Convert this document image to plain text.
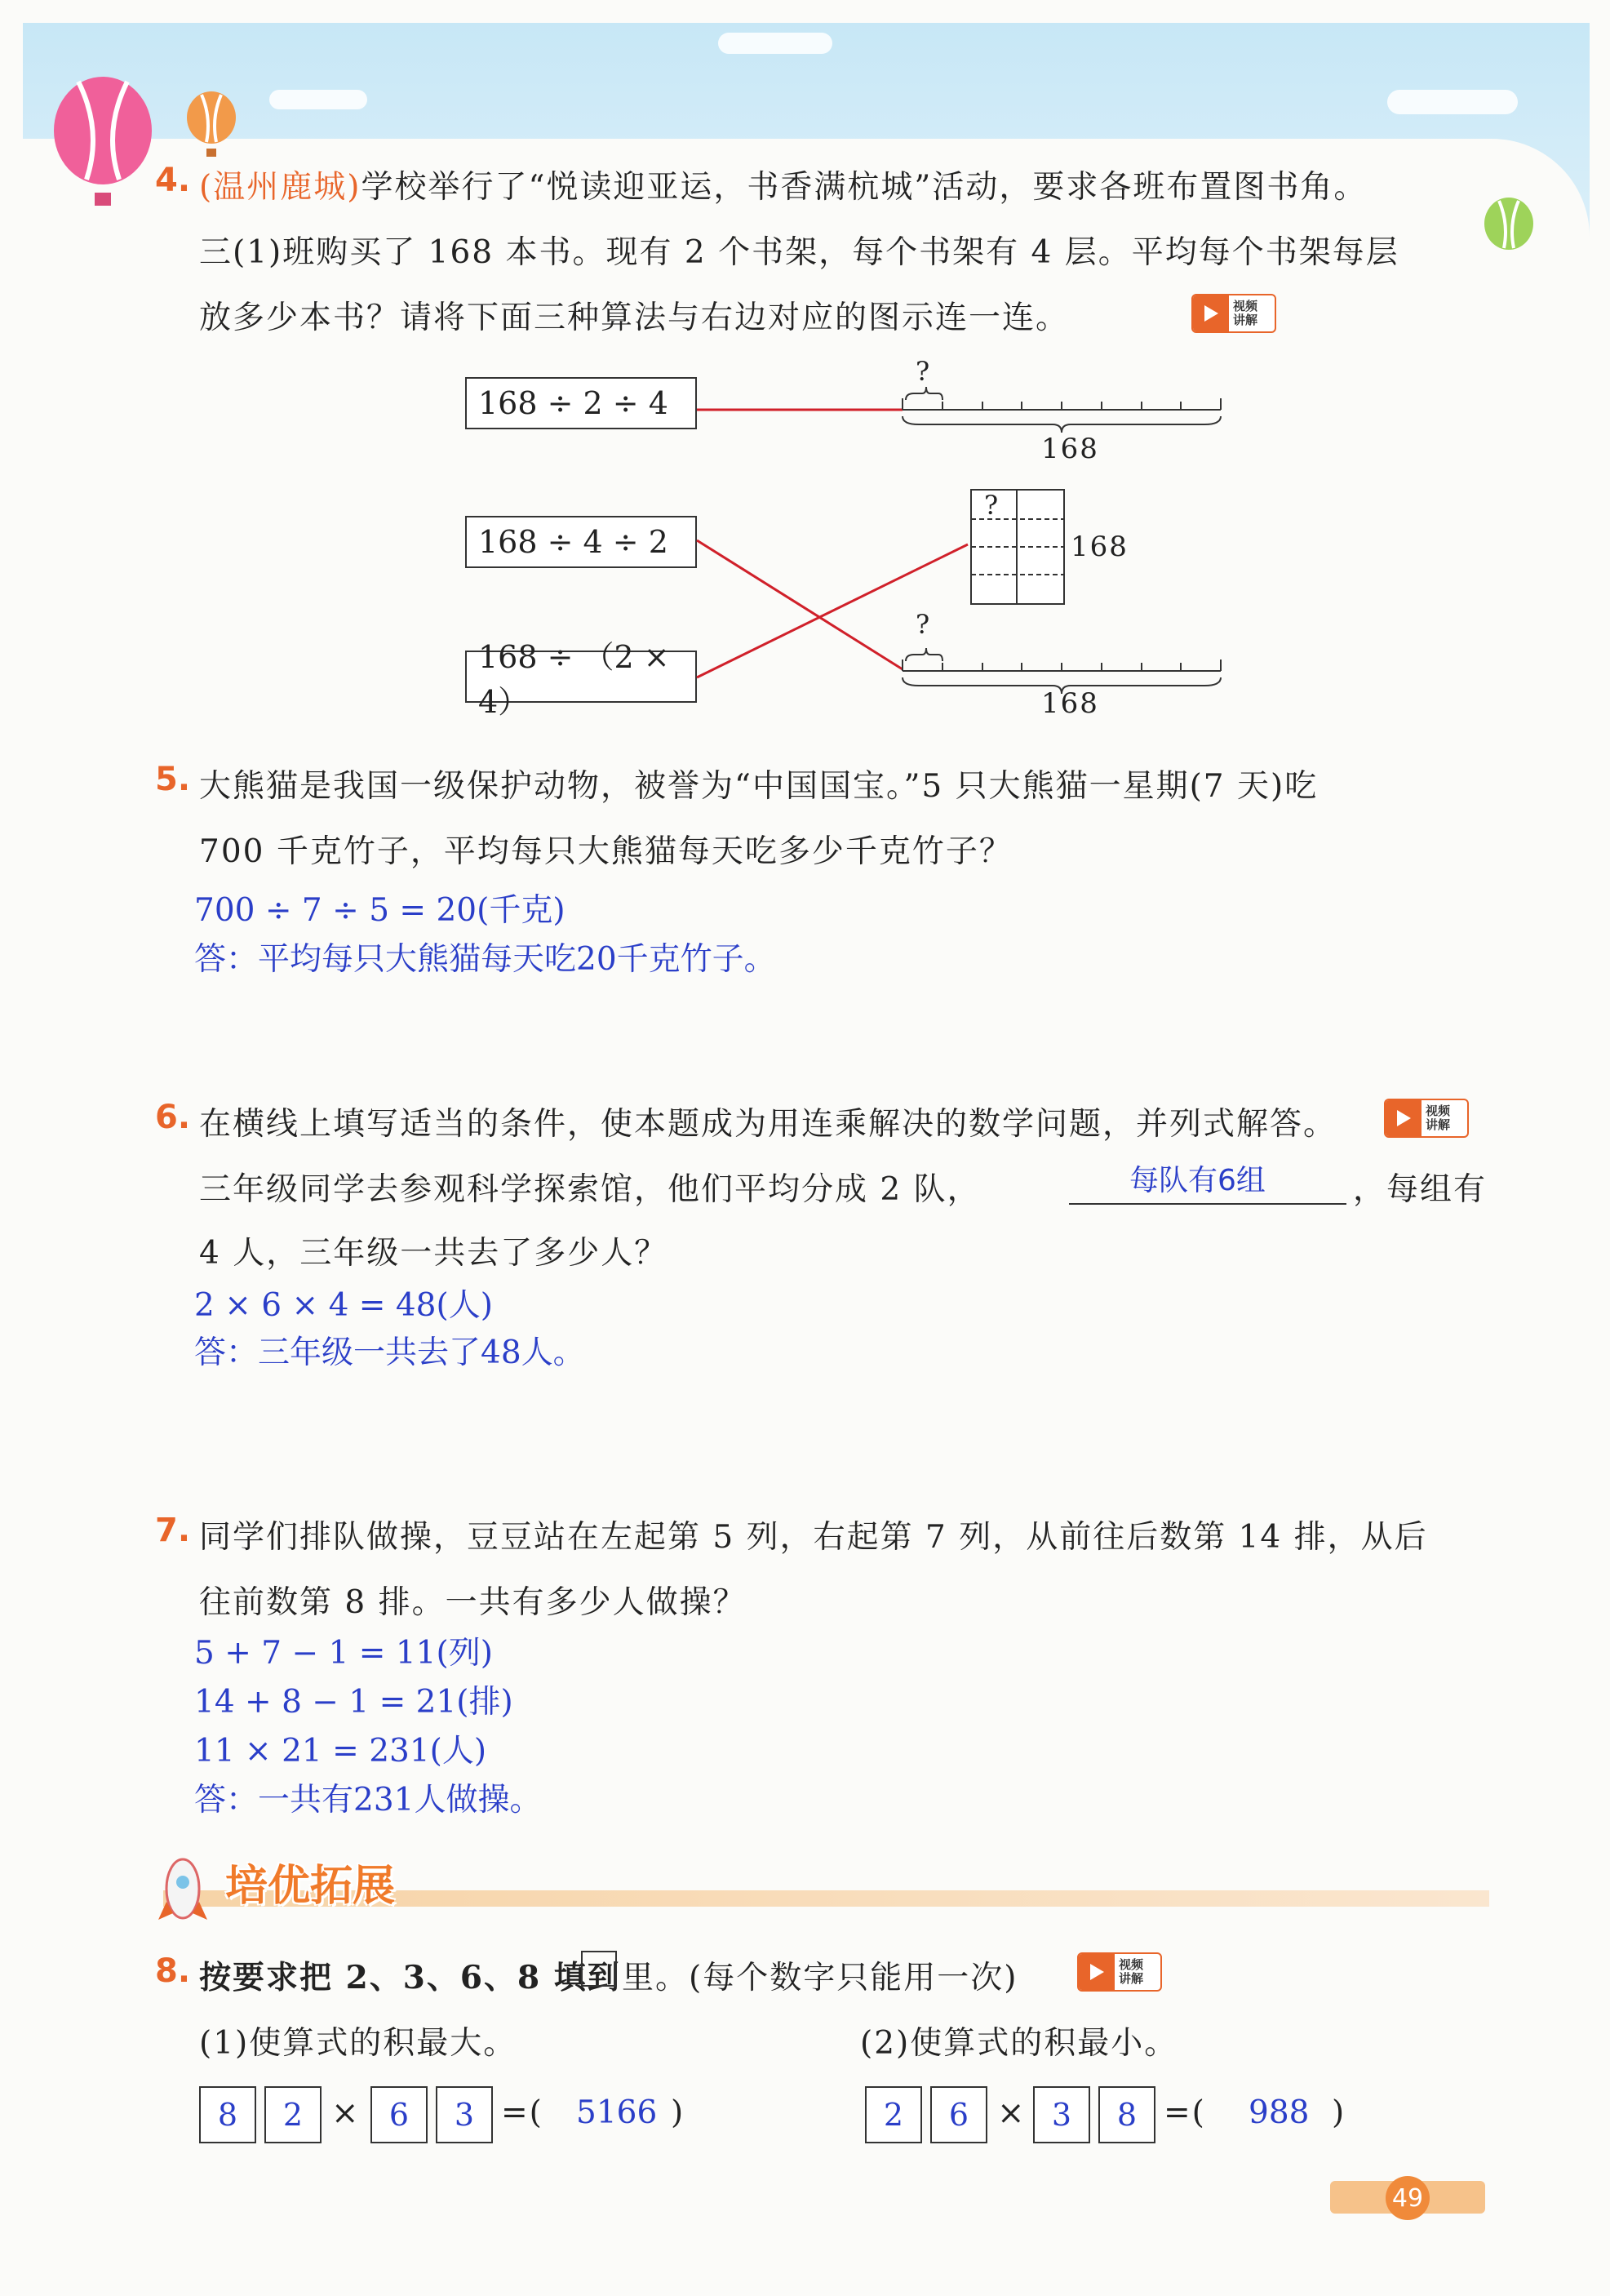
4. (温州鹿城)学校举行了“悦读迎亚运，书香满杭城”活动，要求各班布置图书角。
三(1)班购买了 168 本书。现有 2 个书架，每个书架有 4 层。平均每个书架每层
放多少本书？请将下面三种算法与右边对应的图示连一连。	视频
讲解
168 ÷ 2 ÷ 4
168 ÷ 4 ÷ 2
168 ÷ （2 × 4）
?
168
?
168
?
168
5. 大熊猫是我国一级保护动物，被誉为“中国国宝。”5 只大熊猫一星期(7 天)吃
700 千克竹子，平均每只大熊猫每天吃多少千克竹子？
700 ÷ 7 ÷ 5 = 20(千克)
答：平均每只大熊猫每天吃20千克竹子。
6. 在横线上填写适当的条件，使本题成为用连乘解决的数学问题，并列式解答。	视频
讲解
三年级同学去参观科学探索馆，他们平均分成 2 队，	每队有6组	，每组有
4 人，三年级一共去了多少人？
2 × 6 × 4 = 48(人)
答：三年级一共去了48人。
7. 同学们排队做操，豆豆站在左起第 5 列，右起第 7 列，从前往后数第 14 排，从后
往前数第 8 排。一共有多少人做操？
5 + 7 − 1 = 11(列)
14 + 8 − 1 = 21(排)
11 × 21 = 231(人)
答：一共有231人做操。
培优拓展
8. 按要求把 2、3、6、8 填到 里。(每个数字只能用一次)	视频
讲解
(1)使算式的积最大。	(2)使算式的积最小。
8	2 × 6	3 =( 5166 )	2	6 × 3	8 =( 988 )
49
